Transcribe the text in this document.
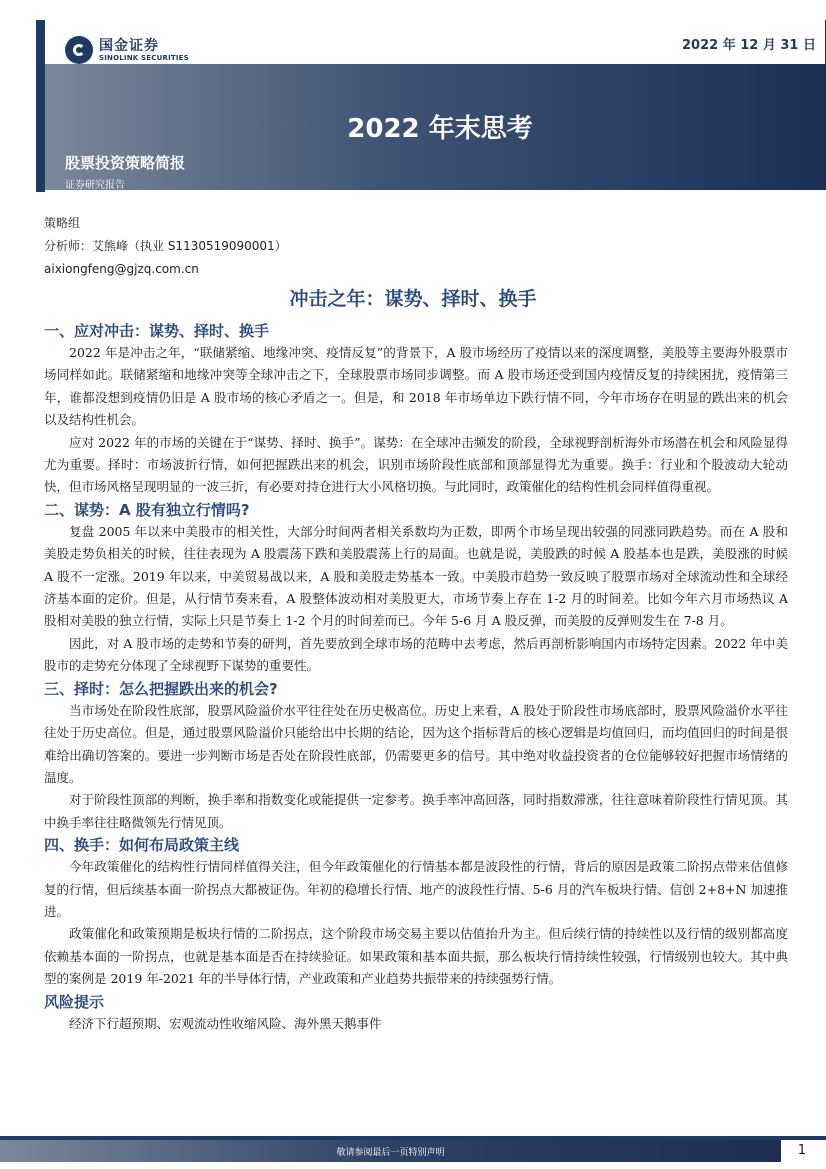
国金证券
SINOLINK SECURITIES
2022 年 12 月 31 日
2022 年末思考
股票投资策略简报
证券研究报告
策略组
分析师：艾熊峰（执业 S1130519090001）
aixiongfeng@gjzq.com.cn
冲击之年：谋势、择时、换手
一、应对冲击：谋势、择时、换手

2022 年是冲击之年，“联储紧缩、地缘冲突、疫情反复”的背景下，A 股市场经历了疫情以来的深度调整，美股等主要海外股票市场同样如此。联储紧缩和地缘冲突等全球冲击之下，全球股票市场同步调整。而 A 股市场还受到国内疫情反复的持续困扰，疫情第三年，谁都没想到疫情仍旧是 A 股市场的核心矛盾之一。但是，和 2018 年市场单边下跌行情不同，今年市场存在明显的跌出来的机会以及结构性机会。

应对 2022 年的市场的关键在于“谋势、择时、换手”。谋势：在全球冲击频发的阶段，全球视野剖析海外市场潜在机会和风险显得尤为重要。择时：市场波折行情，如何把握跌出来的机会，识别市场阶段性底部和顶部显得尤为重要。换手：行业和个股波动大轮动快，但市场风格呈现明显的一波三折，有必要对持仓进行大小风格切换。与此同时，政策催化的结构性机会同样值得重视。

二、谋势：A 股有独立行情吗?

复盘 2005 年以来中美股市的相关性，大部分时间两者相关系数均为正数，即两个市场呈现出较强的同涨同跌趋势。而在 A 股和美股走势负相关的时候，往往表现为 A 股震荡下跌和美股震荡上行的局面。也就是说，美股跌的时候 A 股基本也是跌，美股涨的时候 A 股不一定涨。2019 年以来，中美贸易战以来，A 股和美股走势基本一致。中美股市趋势一致反映了股票市场对全球流动性和全球经济基本面的定价。但是，从行情节奏来看，A 股整体波动相对美股更大，市场节奏上存在 1-2 月的时间差。比如今年六月市场热议 A 股相对美股的独立行情，实际上只是节奏上 1-2 个月的时间差而已。今年 5-6 月 A 股反弹，而美股的反弹则发生在 7-8 月。

因此，对 A 股市场的走势和节奏的研判，首先要放到全球市场的范畴中去考虑，然后再剖析影响国内市场特定因素。2022 年中美股市的走势充分体现了全球视野下谋势的重要性。

三、择时：怎么把握跌出来的机会?

当市场处在阶段性底部，股票风险溢价水平往往处在历史极高位。历史上来看，A 股处于阶段性市场底部时，股票风险溢价水平往往处于历史高位。但是，通过股票风险溢价只能给出中长期的结论，因为这个指标背后的核心逻辑是均值回归，而均值回归的时间是很难给出确切答案的。要进一步判断市场是否处在阶段性底部，仍需要更多的信号。其中绝对收益投资者的仓位能够较好把握市场情绪的温度。

对于阶段性顶部的判断，换手率和指数变化或能提供一定参考。换手率冲高回落，同时指数滞涨，往往意味着阶段性行情见顶。其中换手率往往略微领先行情见顶。

四、换手：如何布局政策主线

今年政策催化的结构性行情同样值得关注，但今年政策催化的行情基本都是波段性的行情，背后的原因是政策二阶拐点带来估值修复的行情，但后续基本面一阶拐点大都被证伪。年初的稳增长行情、地产的波段性行情、5-6 月的汽车板块行情、信创 2+8+N 加速推进。

政策催化和政策预期是板块行情的二阶拐点，这个阶段市场交易主要以估值抬升为主。但后续行情的持续性以及行情的级别都高度依赖基本面的一阶拐点，也就是基本面是否在持续验证。如果政策和基本面共振，那么板块行情持续性较强，行情级别也较大。其中典型的案例是 2019 年-2021 年的半导体行情，产业政策和产业趋势共振带来的持续强势行情。

风险提示

经济下行超预期、宏观流动性收缩风险、海外黑天鹅事件

敬请参阅最后一页特别声明	1
